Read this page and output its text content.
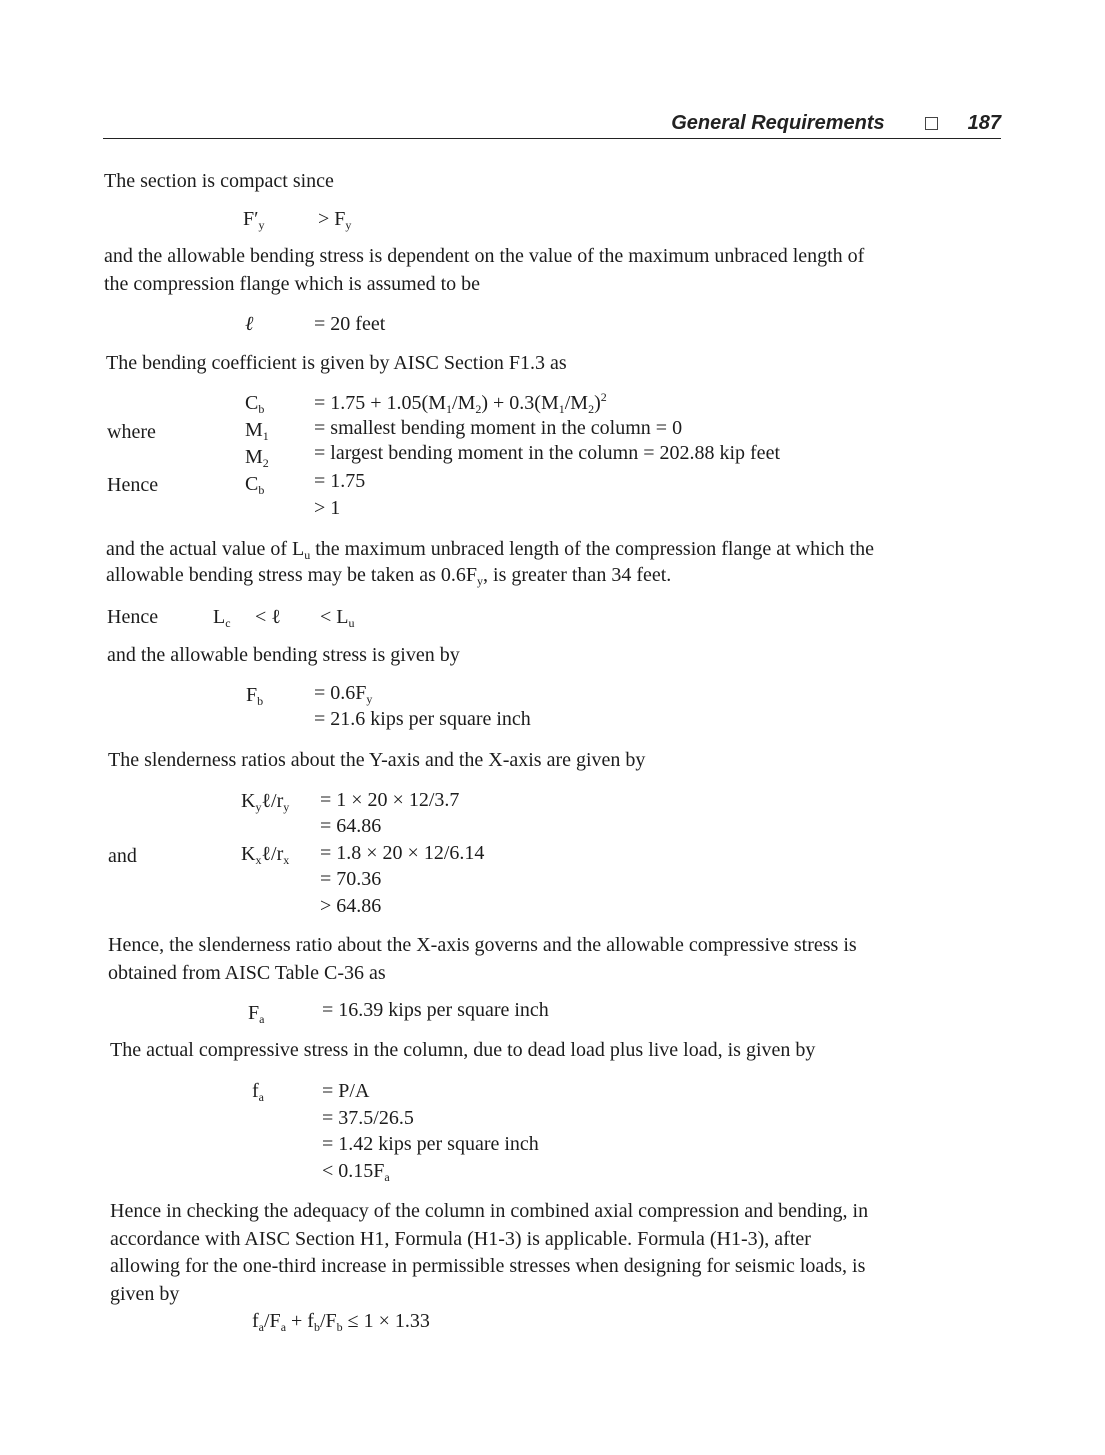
General Requirements	187
The section is compact since
$F'_y$	> $F_y$
and the allowable bending stress is dependent on the value of the maximum unbraced length of
the compression flange which is assumed to be
ℓ	= 20 feet
The bending coefficient is given by AISC Section F1.3 as
$C_b = 1.75 + 1.05(M_1/M_2) + 0.3(M_1/M_2)^2$
where	$M_1$ = smallest bending moment in the column = 0
$M_2$ = largest bending moment in the column = 202.88 kip feet
Hence	$C_b = 1.75$
> 1
and the actual value of $L_u$ the maximum unbraced length of the compression flange at which the
allowable bending stress may be taken as $0.6F_y$, is greater than 34 feet.
Hence	$L_c$ < ℓ < $L_u$
and the allowable bending stress is given by
$F_b$	= $0.6F_y$
= 21.6 kips per square inch
The slenderness ratios about the Y-axis and the X-axis are given by
$K_y\ell/r_y = 1 \times 20 \times 12/3.7$
= 64.86
and	$K_x\ell/r_x = 1.8 \times 20 \times 12/6.14$
= 70.36
> 64.86
Hence, the slenderness ratio about the X-axis governs and the allowable compressive stress is
obtained from AISC Table C-36 as
$F_a$	= 16.39 kips per square inch
The actual compressive stress in the column, due to dead load plus live load, is given by
$f_a$	= P/A
= 37.5/26.5
= 1.42 kips per square inch
< $0.15F_a$
Hence in checking the adequacy of the column in combined axial compression and bending, in
accordance with AISC Section H1, Formula (H1-3) is applicable. Formula (H1-3), after
allowing for the one-third increase in permissible stresses when designing for seismic loads, is
given by
$f_a/F_a + f_b/F_b \le 1 \times 1.33$
